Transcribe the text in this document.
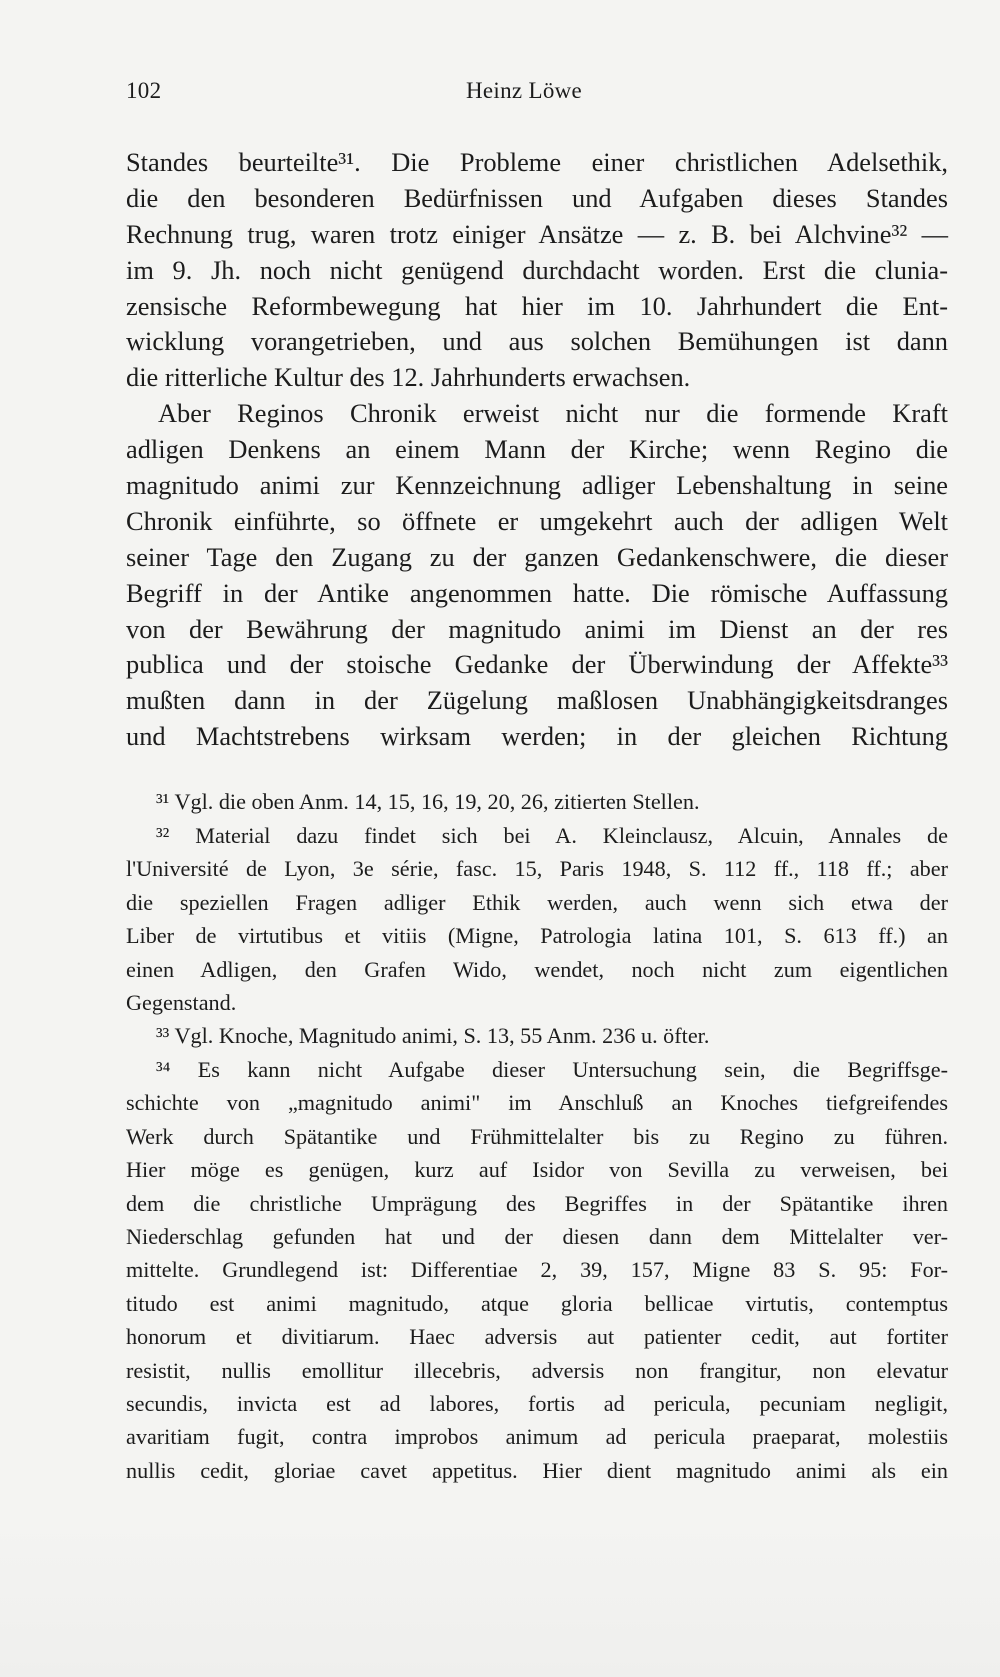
102	Heinz Löwe
Standes beurteilte³¹. Die Probleme einer christlichen Adelsethik,
die den besonderen Bedürfnissen und Aufgaben dieses Standes
Rechnung trug, waren trotz einiger Ansätze — z. B. bei Alchvine³² —
im 9. Jh. noch nicht genügend durchdacht worden. Erst die clunia-
zensische Reformbewegung hat hier im 10. Jahrhundert die Ent-
wicklung vorangetrieben, und aus solchen Bemühungen ist dann
die ritterliche Kultur des 12. Jahrhunderts erwachsen.
Aber Reginos Chronik erweist nicht nur die formende Kraft
adligen Denkens an einem Mann der Kirche; wenn Regino die
magnitudo animi zur Kennzeichnung adliger Lebenshaltung in seine
Chronik einführte, so öffnete er umgekehrt auch der adligen Welt
seiner Tage den Zugang zu der ganzen Gedankenschwere, die dieser
Begriff in der Antike angenommen hatte. Die römische Auffassung
von der Bewährung der magnitudo animi im Dienst an der res
publica und der stoische Gedanke der Überwindung der Affekte³³
mußten dann in der Zügelung maßlosen Unabhängigkeitsdranges
und Machtstrebens wirksam werden; in der gleichen Richtung
³¹ Vgl. die oben Anm. 14, 15, 16, 19, 20, 26, zitierten Stellen.
³² Material dazu findet sich bei A. Kleinclausz, Alcuin, Annales de
l'Université de Lyon, 3e série, fasc. 15, Paris 1948, S. 112 ff., 118 ff.; aber
die speziellen Fragen adliger Ethik werden, auch wenn sich etwa der
Liber de virtutibus et vitiis (Migne, Patrologia latina 101, S. 613 ff.) an
einen Adligen, den Grafen Wido, wendet, noch nicht zum eigentlichen
Gegenstand.
³³ Vgl. Knoche, Magnitudo animi, S. 13, 55 Anm. 236 u. öfter.
³⁴ Es kann nicht Aufgabe dieser Untersuchung sein, die Begriffsge-
schichte von „magnitudo animi" im Anschluß an Knoches tiefgreifendes
Werk durch Spätantike und Frühmittelalter bis zu Regino zu führen.
Hier möge es genügen, kurz auf Isidor von Sevilla zu verweisen, bei
dem die christliche Umprägung des Begriffes in der Spätantike ihren
Niederschlag gefunden hat und der diesen dann dem Mittelalter ver-
mittelte. Grundlegend ist: Differentiae 2, 39, 157, Migne 83 S. 95: For-
titudo est animi magnitudo, atque gloria bellicae virtutis, contemptus
honorum et divitiarum. Haec adversis aut patienter cedit, aut fortiter
resistit, nullis emollitur illecebris, adversis non frangitur, non elevatur
secundis, invicta est ad labores, fortis ad pericula, pecuniam negligit,
avaritiam fugit, contra improbos animum ad pericula praeparat, molestiis
nullis cedit, gloriae cavet appetitus. Hier dient magnitudo animi als ein
